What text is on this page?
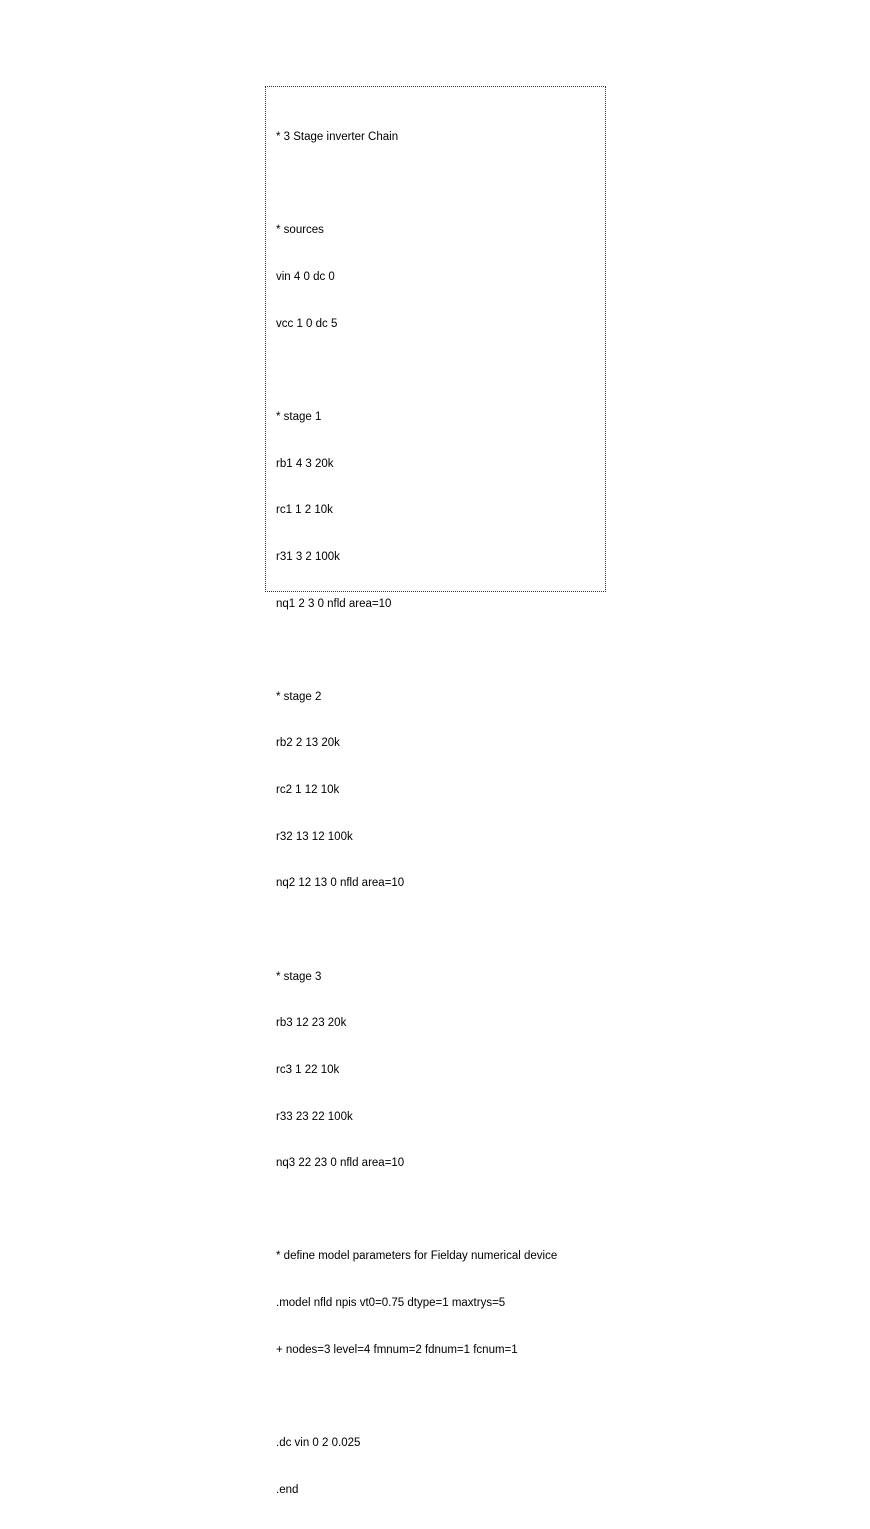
* 3 Stage inverter Chain

* sources

vin 4 0 dc 0

vcc 1 0 dc 5

* stage 1

rb1 4 3 20k

rc1 1 2 10k

r31 3 2 100k

nq1 2 3 0 nfld area=10

* stage 2

rb2 2 13 20k

rc2 1 12 10k

r32 13 12 100k

nq2 12 13 0 nfld area=10

* stage 3

rb3 12 23 20k

rc3 1 22 10k

r33 23 22 100k

nq3 22 23 0 nfld area=10

* define model parameters for Fielday numerical device

.model nfld npis vt0=0.75 dtype=1 maxtrys=5

+ nodes=3 level=4 fmnum=2 fdnum=1 fcnum=1

.dc vin 0 2 0.025

.end
